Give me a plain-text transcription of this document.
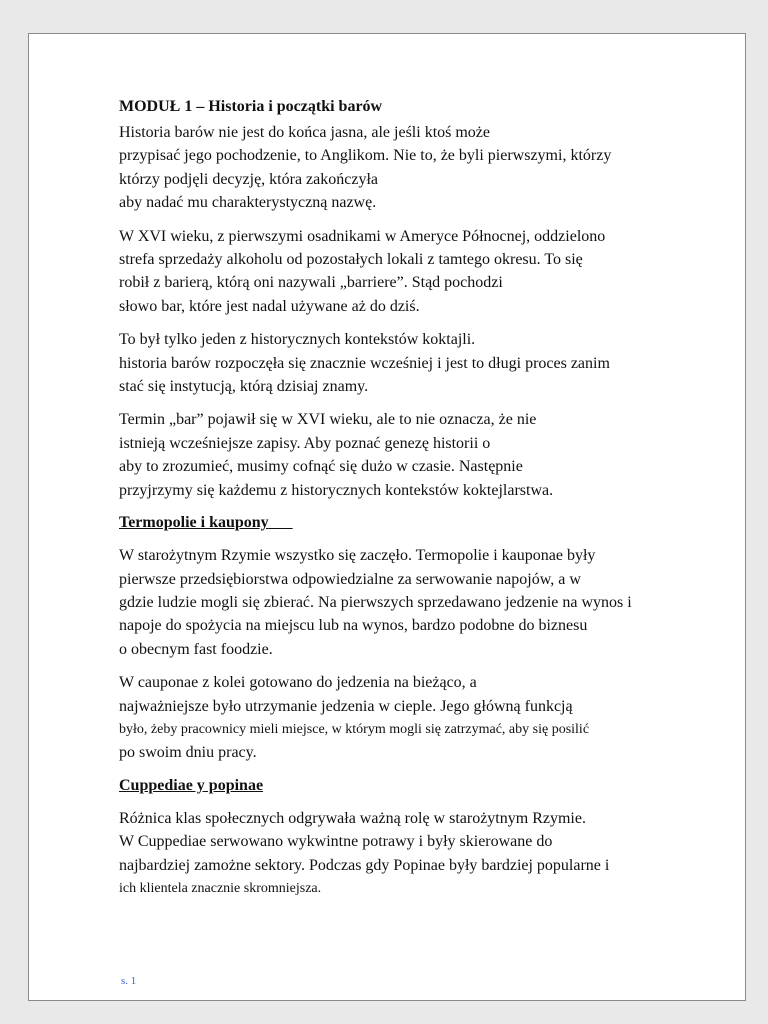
MODUŁ 1 – Historia i początki barów
Historia barów nie jest do końca jasna, ale jeśli ktoś może
przypisać jego pochodzenie, to Anglikom. Nie to, że byli pierwszymi, którzy
którzy podjęli decyzję, która zakończyła
aby nadać mu charakterystyczną nazwę.
W XVI wieku, z pierwszymi osadnikami w Ameryce Północnej, oddzielono
strefa sprzedaży alkoholu od pozostałych lokali z tamtego okresu. To się
robił z barierą, którą oni nazywali „barriere”. Stąd pochodzi
słowo bar, które jest nadal używane aż do dziś.
To był tylko jeden z historycznych kontekstów koktajli.
historia barów rozpoczęła się znacznie wcześniej i jest to długi proces zanim
stać się instytucją, którą dzisiaj znamy.
Termin „bar” pojawił się w XVI wieku, ale to nie oznacza, że nie
istnieją wcześniejsze zapisy. Aby poznać genezę historii o
aby to zrozumieć, musimy cofnąć się dużo w czasie. Następnie
przyjrzymy się każdemu z historycznych kontekstów koktejlarstwa.
Termopolie i kaupony
W starożytnym Rzymie wszystko się zaczęło. Termopolie i kauponae były
pierwsze przedsiębiorstwa odpowiedzialne za serwowanie napojów, a w
gdzie ludzie mogli się zbierać. Na pierwszych sprzedawano jedzenie na wynos i
napoje do spożycia na miejscu lub na wynos, bardzo podobne do biznesu
o obecnym fast foodzie.
W cauponae z kolei gotowano do jedzenia na bieżąco, a
najważniejsze było utrzymanie jedzenia w cieple. Jego główną funkcją
było, żeby pracownicy mieli miejsce, w którym mogli się zatrzymać, aby się posilić
po swoim dniu pracy.
Cuppediae y popinae
Różnica klas społecznych odgrywała ważną rolę w starożytnym Rzymie.
W Cuppediae serwowano wykwintne potrawy i były skierowane do
najbardziej zamożne sektory. Podczas gdy Popinae były bardziej popularne i
ich klientela znacznie skromniejsza.
s. 1
